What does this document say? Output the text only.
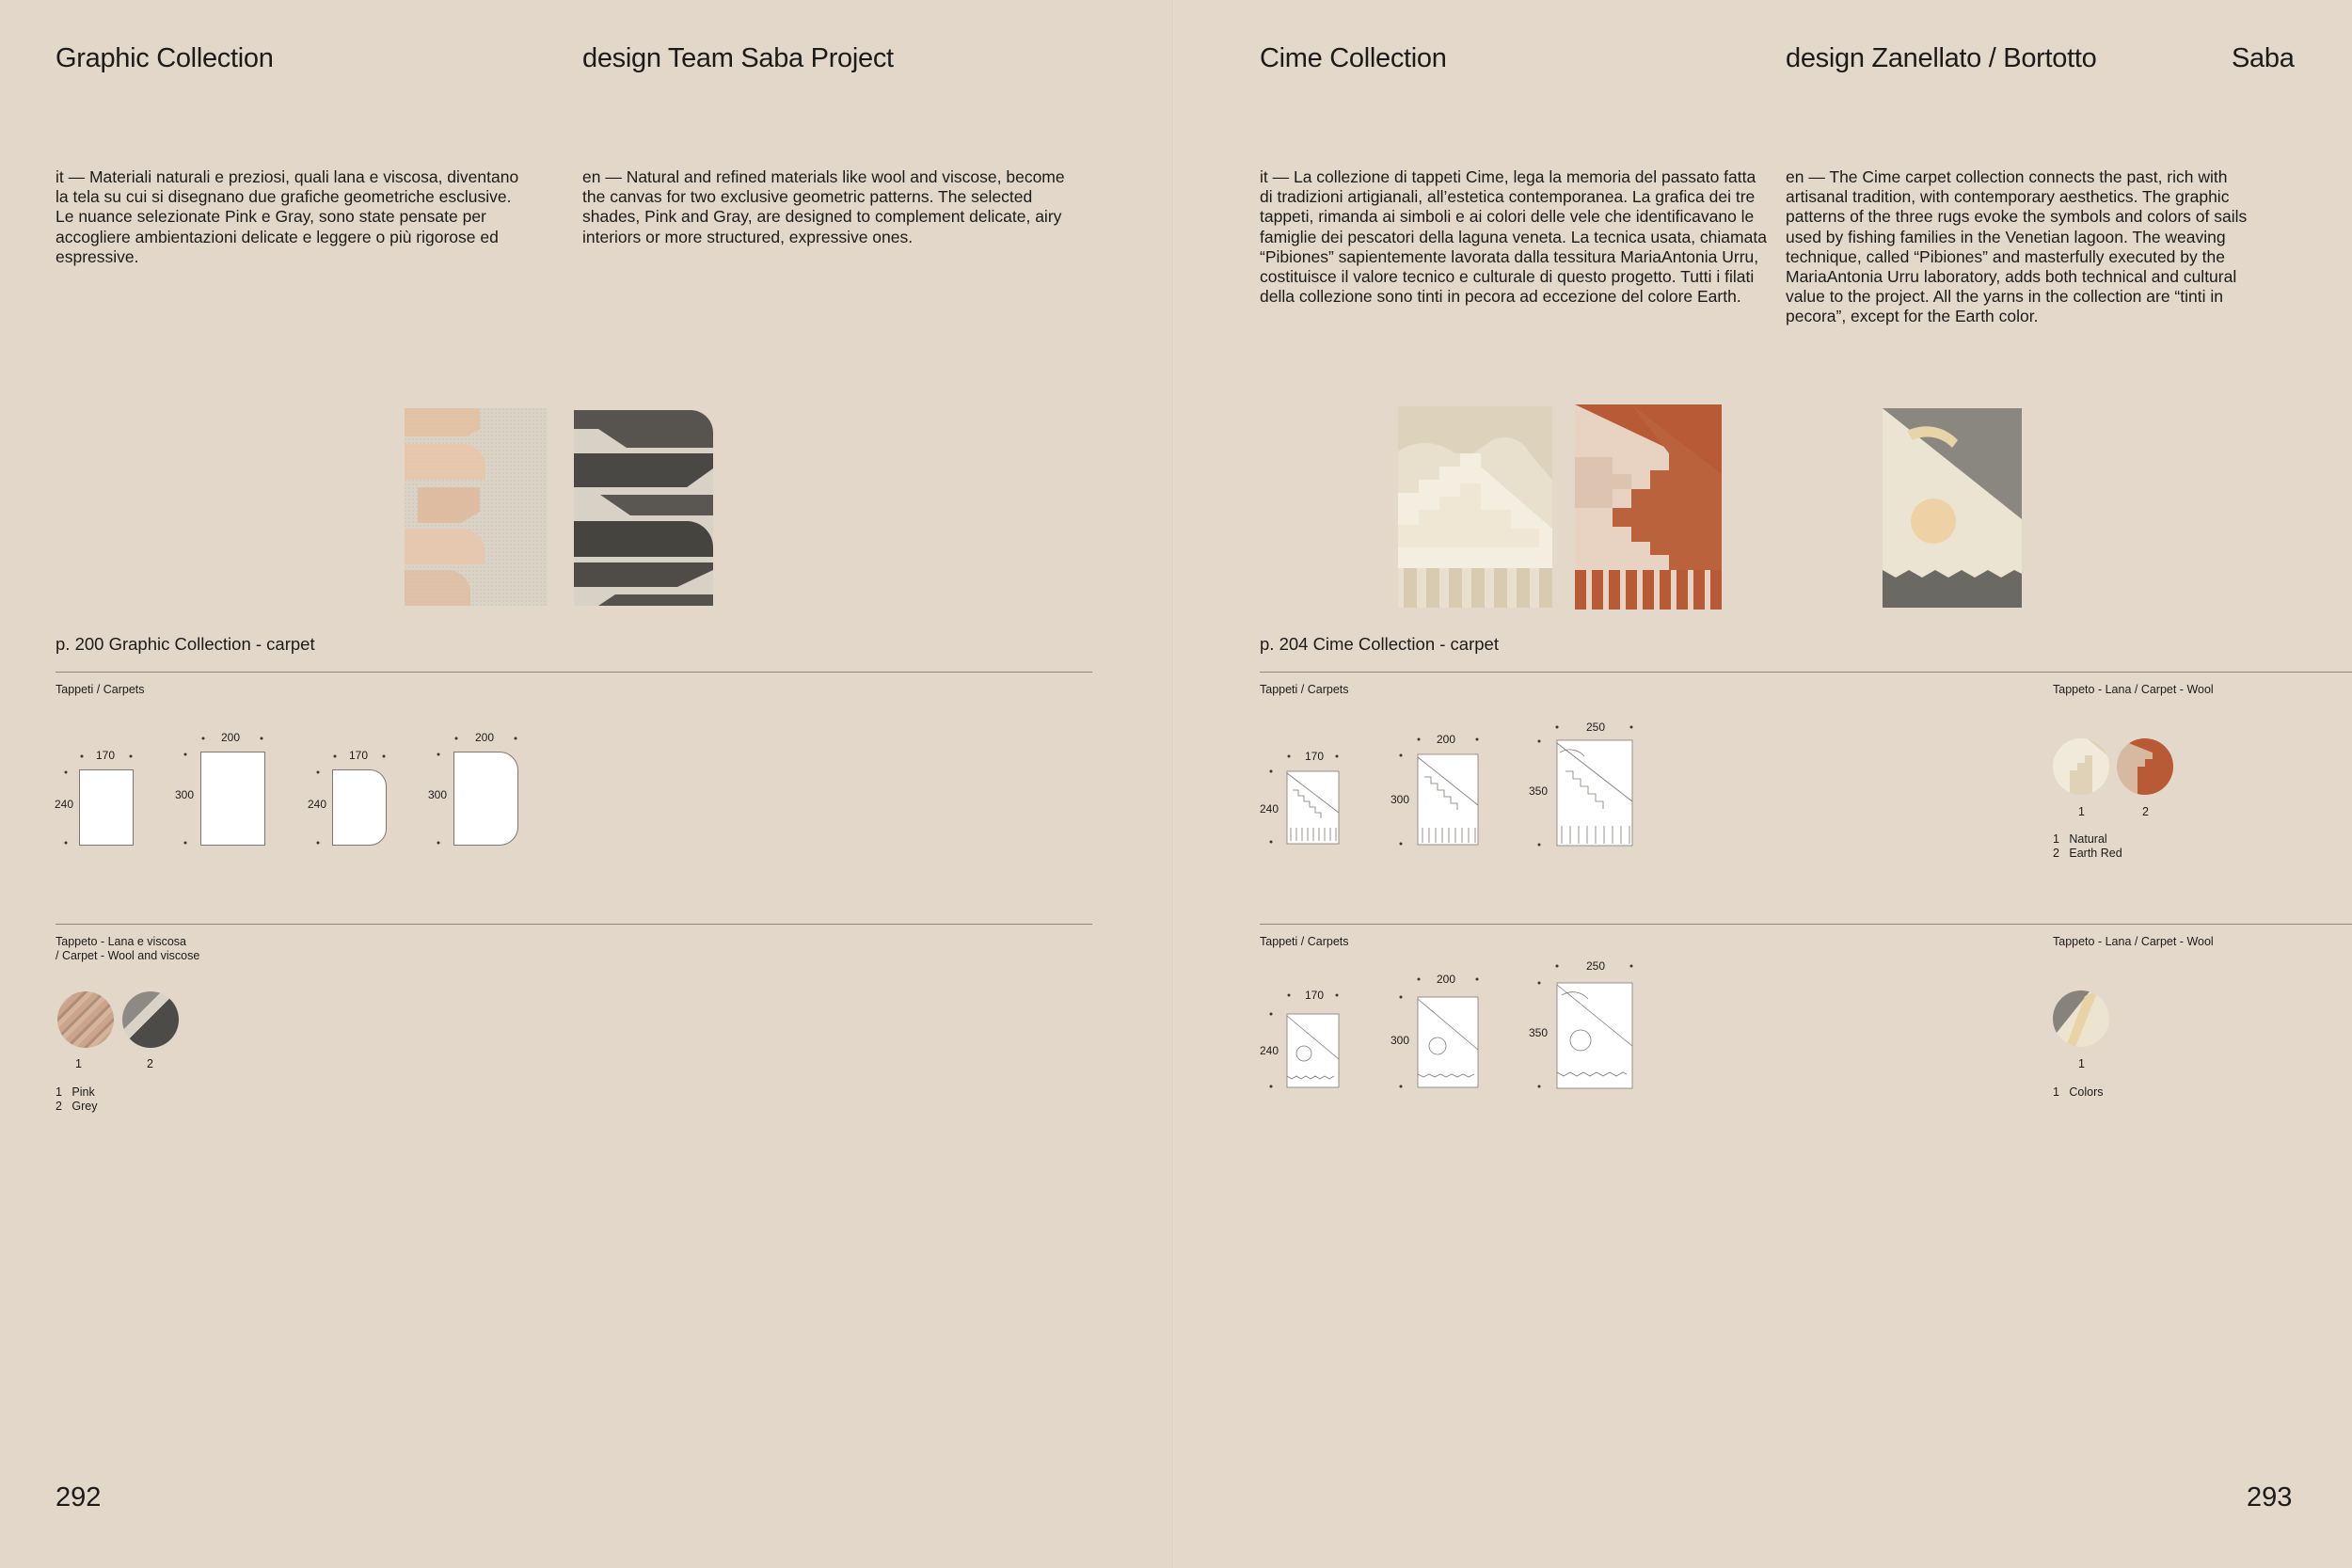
Graphic Collection	design Team Saba Project
it — Materiali naturali e preziosi, quali lana e viscosa, diventano la tela su cui si disegnano due grafiche geometriche esclusive. Le nuance selezionate Pink e Gray, sono state pensate per accogliere ambientazioni delicate e leggere o più rigorose ed espressive.
en — Natural and refined materials like wool and viscose, become the canvas for two exclusive geometric patterns. The selected shades, Pink and Gray, are designed to complement delicate, airy interiors or more structured, expressive ones.
p. 200 Graphic Collection - carpet
Tappeti / Carpets
170
240
200
300
170
240
200
300
Tappeto - Lana e viscosa
/ Carpet - Wool and viscose
1	2
1 Pink
2 Grey
292
Cime Collection	design Zanellato / Bortotto	Saba
it — La collezione di tappeti Cime, lega la memoria del passato fatta di tradizioni artigianali, all’estetica contemporanea. La grafica dei tre tappeti, rimanda ai simboli e ai colori delle vele che identificavano le famiglie dei pescatori della laguna veneta. La tecnica usata, chiamata “Pibiones” sapientemente lavorata dalla tessitura MariaAntonia Urru, costituisce il valore tecnico e culturale di questo progetto. Tutti i filati della collezione sono tinti in pecora ad eccezione del colore Earth.
en — The Cime carpet collection connects the past, rich with artisanal tradition, with contemporary aesthetics. The graphic patterns of the three rugs evoke the symbols and colors of sails used by fishing families in the Venetian lagoon. The weaving technique, called “Pibiones” and masterfully executed by the MariaAntonia Urru laboratory, adds both technical and cultural value to the project. All the yarns in the collection are “tinti in pecora”, except for the Earth color.
p. 204 Cime Collection - carpet
Tappeti / Carpets	Tappeto - Lana / Carpet - Wool
170
240
200
300
250
350
1	2
1 Natural
2 Earth Red
Tappeti / Carpets	Tappeto - Lana / Carpet - Wool
170
240
200
300
250
350
1
1 Colors
293
